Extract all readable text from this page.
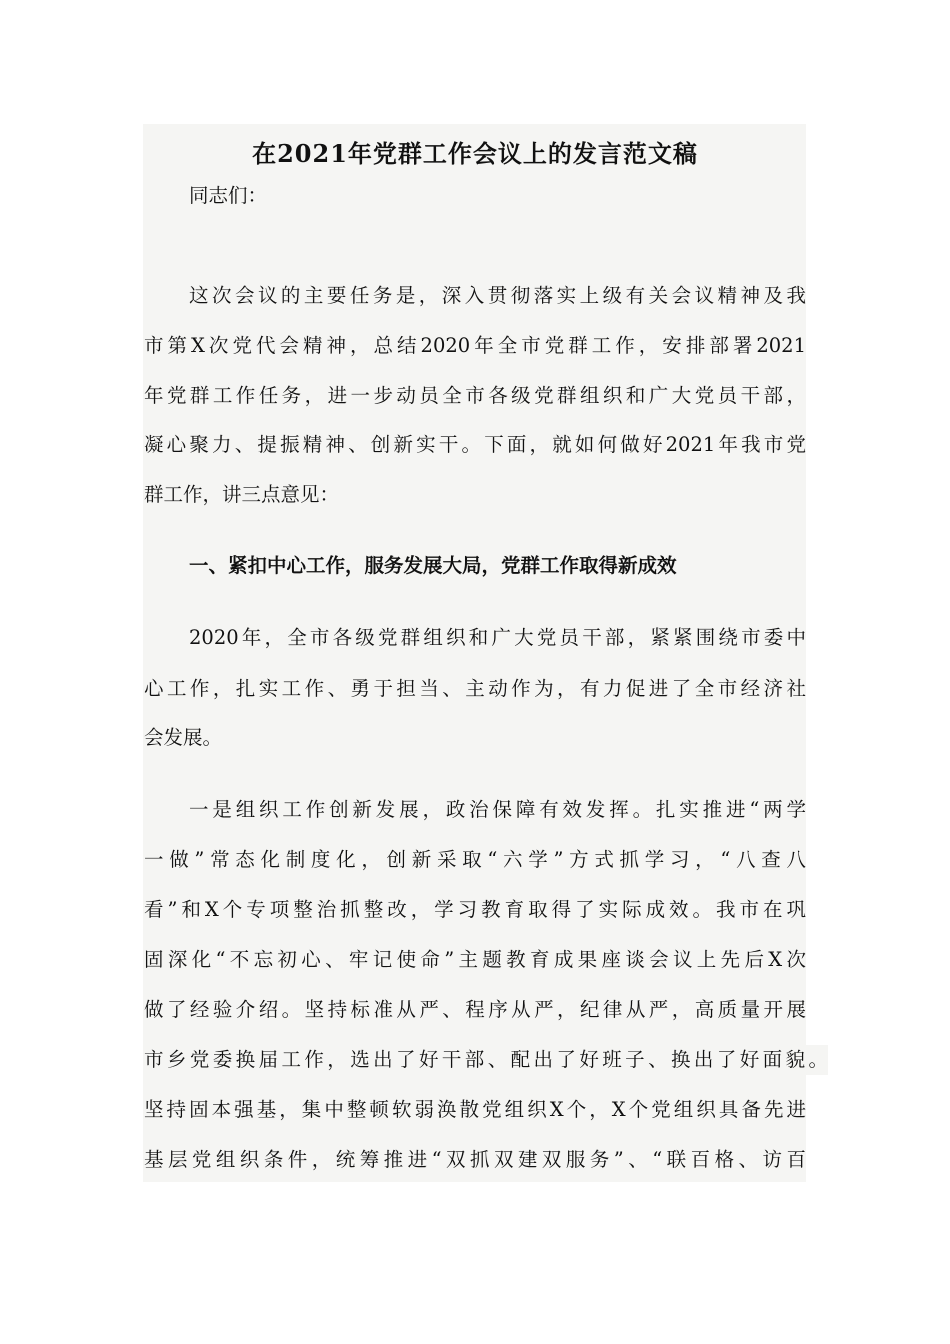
在2021年党群工作会议上的发言范文稿

同志们：

这次会议的主要任务是，深入贯彻落实上级有关会议精神及我

市第X次党代会精神，总结2020年全市党群工作，安排部署2021

年党群工作任务，进一步动员全市各级党群组织和广大党员干部，

凝心聚力、提振精神、创新实干。下面，就如何做好2021年我市党

群工作，讲三点意见：

一、紧扣中心工作，服务发展大局，党群工作取得新成效

2020年，全市各级党群组织和广大党员干部，紧紧围绕市委中

心工作，扎实工作、勇于担当、主动作为，有力促进了全市经济社

会发展。

一是组织工作创新发展，政治保障有效发挥。扎实推进“两学

一做”常态化制度化，创新采取“六学”方式抓学习，“八查八

看”和X个专项整治抓整改，学习教育取得了实际成效。我市在巩

固深化“不忘初心、牢记使命”主题教育成果座谈会议上先后X次

做了经验介绍。坚持标准从严、程序从严，纪律从严，高质量开展

市乡党委换届工作，选出了好干部、配出了好班子、换出了好面貌。

坚持固本强基，集中整顿软弱涣散党组织X个，X个党组织具备先进

基层党组织条件，统筹推进“双抓双建双服务”、“联百格、访百
